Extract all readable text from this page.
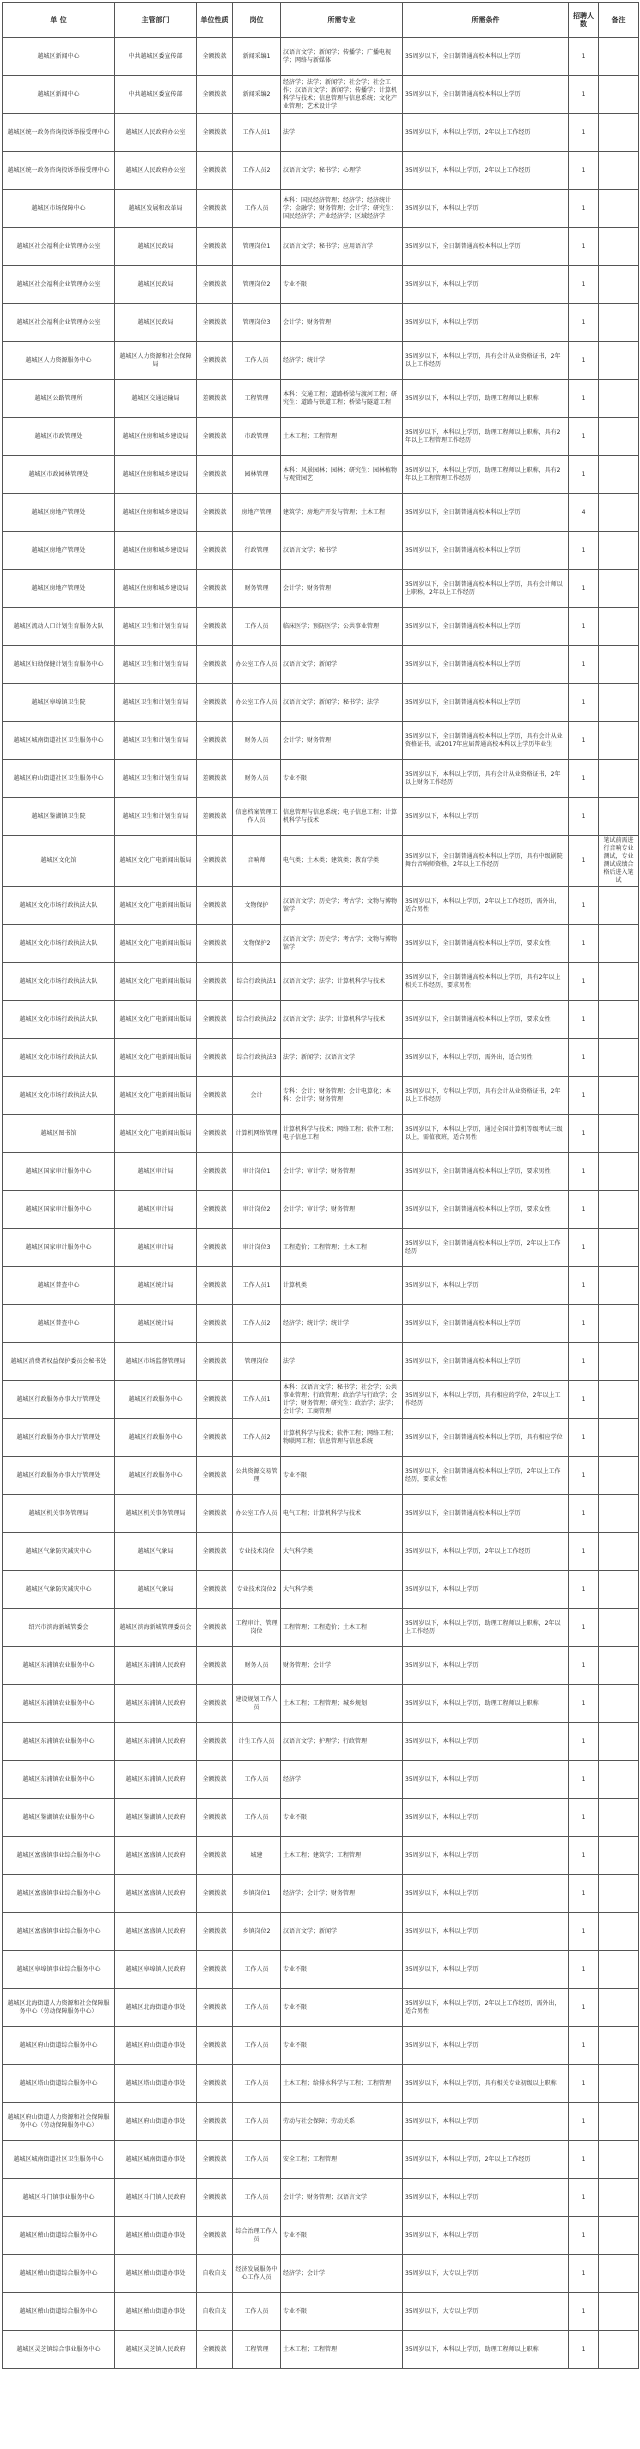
单 位	主管部门	单位性质	岗位	所需专业	所需条件	招聘人数	备注
越城区新闻中心	中共越城区委宣传部	全额拨款	新闻采编1	汉语言文学；新闻学；传播学；广播电视学；网络与新媒体	35周岁以下，全日制普通高校本科以上学历	1	
越城区新闻中心	中共越城区委宣传部	全额拨款	新闻采编2	经济学；法学；新闻学；社会学；社会工作；汉语言文学；新闻学；传播学；计算机科学与技术；信息管理与信息系统；文化产业管理；艺术设计学	35周岁以下，全日制普通高校本科以上学历	1	
越城区统一政务咨询投诉举报受理中心	越城区人民政府办公室	全额拨款	工作人员1	法学	35周岁以下，本科以上学历，2年以上工作经历	1	
越城区统一政务咨询投诉举报受理中心	越城区人民政府办公室	全额拨款	工作人员2	汉语言文学；秘书学；心理学	35周岁以下，本科以上学历，2年以上工作经历	1	
越城区市场保障中心	越城区发展和改革局	全额拨款	工作人员	本科：国民经济管理；经济学；经济统计学；金融学；财务管理；会计学；研究生：国民经济学；产业经济学；区域经济学	35周岁以下，本科以上学历	1	
越城区社会福利企业管理办公室	越城区民政局	全额拨款	管理岗位1	汉语言文学；秘书学；应用语言学	35周岁以下，全日制普通高校本科以上学历	1	
越城区社会福利企业管理办公室	越城区民政局	全额拨款	管理岗位2	专业不限	35周岁以下，本科以上学历	1	
越城区社会福利企业管理办公室	越城区民政局	全额拨款	管理岗位3	会计学；财务管理	35周岁以下，本科以上学历	1	
越城区人力资源服务中心	越城区人力资源和社会保障局	全额拨款	工作人员	经济学；统计学	35周岁以下，本科以上学历，具有会计从业资格证书，2年以上工作经历	1	
越城区公路管理所	越城区交通运输局	差额拨款	工程管理	本科：交通工程；道路桥梁与渡河工程；研究生：道路与铁道工程；桥梁与隧道工程	35周岁以下，本科以上学历，助理工程师以上职称	1	
越城区市政管理处	越城区住房和城乡建设局	全额拨款	市政管理	土木工程；工程管理	35周岁以下，本科以上学历，助理工程师以上职称，具有2年以上工程管理工作经历	1	
越城区市政园林管理处	越城区住房和城乡建设局	全额拨款	园林管理	本科：风景园林；园林；研究生：园林植物与观赏园艺	35周岁以下，本科以上学历，助理工程师以上职称，具有2年以上工程管理工作经历	1	
越城区房地产管理处	越城区住房和城乡建设局	全额拨款	房地产管理	建筑学；房地产开发与管理；土木工程	35周岁以下，全日制普通高校本科以上学历	4	
越城区房地产管理处	越城区住房和城乡建设局	全额拨款	行政管理	汉语言文学；秘书学	35周岁以下，全日制普通高校本科以上学历	1	
越城区房地产管理处	越城区住房和城乡建设局	全额拨款	财务管理	会计学；财务管理	35周岁以下，全日制普通高校本科以上学历，具有会计师以上职称，2年以上工作经历	1	
越城区流动人口计划生育服务大队	越城区卫生和计划生育局	全额拨款	工作人员	临床医学；预防医学；公共事业管理	35周岁以下，全日制普通高校本科以上学历	1	
越城区妇幼保健计划生育服务中心	越城区卫生和计划生育局	全额拨款	办公室工作人员	汉语言文学；新闻学	35周岁以下，全日制普通高校本科以上学历	1	
越城区皋埠镇卫生院	越城区卫生和计划生育局	全额拨款	办公室工作人员	汉语言文学；新闻学；秘书学；法学	35周岁以下，全日制普通高校本科以上学历	1	
越城区城南街道社区卫生服务中心	越城区卫生和计划生育局	全额拨款	财务人员	会计学；财务管理	35周岁以下，全日制普通高校本科以上学历，具有会计从业资格证书，或2017年应届普通高校本科以上学历毕业生	1	
越城区府山街道社区卫生服务中心	越城区卫生和计划生育局	差额拨款	财务人员	专业不限	35周岁以下，本科以上学历，具有会计从业资格证书，2年以上财务工作经历	1	
越城区鉴湖镇卫生院	越城区卫生和计划生育局	差额拨款	信息档案管理工作人员	信息管理与信息系统；电子信息工程；计算机科学与技术	35周岁以下，本科以上学历	1	
越城区文化馆	越城区文化广电新闻出版局	全额拨款	音响师	电气类；土木类；建筑类；教育学类	35周岁以下，全日制普通高校本科以上学历，具有中级剧院舞台音响师资格，2年以上工作经历	1	笔试前需进行音响专业测试，专业测试成绩合格后进入笔试
越城区文化市场行政执法大队	越城区文化广电新闻出版局	全额拨款	文物保护	汉语言文学；历史学；考古学；文物与博物馆学	35周岁以下，本科以上学历，2年以上工作经历，需外出，适合男性	1	
越城区文化市场行政执法大队	越城区文化广电新闻出版局	全额拨款	文物保护2	汉语言文学；历史学；考古学；文物与博物馆学	35周岁以下，全日制普通高校本科以上学历，要求女性	1	
越城区文化市场行政执法大队	越城区文化广电新闻出版局	全额拨款	综合行政执法1	汉语言文学；法学；计算机科学与技术	35周岁以下，全日制普通高校本科以上学历，具有2年以上相关工作经历，要求男性	1	
越城区文化市场行政执法大队	越城区文化广电新闻出版局	全额拨款	综合行政执法2	汉语言文学；法学；计算机科学与技术	35周岁以下，全日制普通高校本科以上学历，要求女性	1	
越城区文化市场行政执法大队	越城区文化广电新闻出版局	全额拨款	综合行政执法3	法学；新闻学；汉语言文学	35周岁以下，本科以上学历，需外出，适合男性	1	
越城区文化市场行政执法大队	越城区文化广电新闻出版局	全额拨款	会计	专科：会计；财务管理；会计电算化；本科：会计学；财务管理	35周岁以下，专科以上学历，具有会计从业资格证书，2年以上工作经历	1	
越城区图书馆	越城区文化广电新闻出版局	全额拨款	计算机网络管理	计算机科学与技术；网络工程；软件工程；电子信息工程	35周岁以下，本科以上学历，通过全国计算机等级考试三级以上，需值夜班，适合男性	1	
越城区国家审计服务中心	越城区审计局	全额拨款	审计岗位1	会计学；审计学；财务管理	35周岁以下，全日制普通高校本科以上学历，要求男性	1	
越城区国家审计服务中心	越城区审计局	全额拨款	审计岗位2	会计学；审计学；财务管理	35周岁以下，全日制普通高校本科以上学历，要求女性	1	
越城区国家审计服务中心	越城区审计局	全额拨款	审计岗位3	工程造价；工程管理；土木工程	35周岁以下，全日制普通高校本科以上学历，2年以上工作经历	1	
越城区普查中心	越城区统计局	全额拨款	工作人员1	计算机类	35周岁以下，本科以上学历	1	
越城区普查中心	越城区统计局	全额拨款	工作人员2	经济学；统计学；统计学	35周岁以下，全日制普通高校本科以上学历	1	
越城区消费者权益保护委员会秘书处	越城区市场监督管理局	全额拨款	管理岗位	法学	35周岁以下，全日制普通高校本科以上学历	1	
越城区行政服务办事大厅管理处	越城区行政服务中心	全额拨款	工作人员1	本科：汉语言文学；秘书学；社会学；公共事业管理；行政管理；政治学与行政学；会计学；财务管理；研究生：政治学；法学；会计学；工商管理	35周岁以下，本科以上学历，具有相应的学位，2年以上工作经历	1	
越城区行政服务办事大厅管理处	越城区行政服务中心	全额拨款	工作人员2	计算机科学与技术；软件工程；网络工程；物联网工程；信息管理与信息系统	35周岁以下，全日制普通高校本科以上学历，具有相应学位	1	
越城区行政服务办事大厅管理处	越城区行政服务中心	全额拨款	公共资源交易管理	专业不限	35周岁以下，全日制普通高校本科以上学历，2年以上工作经历，要求女性	1	
越城区机关事务管理局	越城区机关事务管理局	全额拨款	办公室工作人员	电气工程；计算机科学与技术	35周岁以下，全日制普通高校本科以上学历	1	
越城区气象防灾减灾中心	越城区气象局	全额拨款	专业技术岗位	大气科学类	35周岁以下，本科以上学历，2年以上工作经历	1	
越城区气象防灾减灾中心	越城区气象局	全额拨款	专业技术岗位2	大气科学类	35周岁以下，本科以上学历	1	
绍兴市滨海新城管委会	越城区滨海新城管理委员会	全额拨款	工程审计、管理岗位	工程管理；工程造价；土木工程	35周岁以下，本科以上学历，助理工程师以上职称，2年以上工作经历	1	
越城区东浦镇农业服务中心	越城区东浦镇人民政府	全额拨款	财务人员	财务管理；会计学	35周岁以下，本科以上学历	1	
越城区东浦镇农业服务中心	越城区东浦镇人民政府	全额拨款	建设规划工作人员	土木工程；工程管理；城乡规划	35周岁以下，本科以上学历，助理工程师以上职称	1	
越城区东浦镇农业服务中心	越城区东浦镇人民政府	全额拨款	计生工作人员	汉语言文学；护理学；行政管理	35周岁以下，本科以上学历	1	
越城区东浦镇农业服务中心	越城区东浦镇人民政府	全额拨款	工作人员	经济学	35周岁以下，本科以上学历	1	
越城区鉴湖镇农业服务中心	越城区鉴湖镇人民政府	全额拨款	工作人员	专业不限	35周岁以下，本科以上学历	1	
越城区富盛镇事业综合服务中心	越城区富盛镇人民政府	全额拨款	城建	土木工程；建筑学；工程管理	35周岁以下，本科以上学历	1	
越城区富盛镇事业综合服务中心	越城区富盛镇人民政府	全额拨款	乡镇岗位1	经济学；会计学；财务管理	35周岁以下，本科以上学历	1	
越城区富盛镇事业综合服务中心	越城区富盛镇人民政府	全额拨款	乡镇岗位2	汉语言文学；新闻学	35周岁以下，本科以上学历	1	
越城区皋埠镇事业综合服务中心	越城区皋埠镇人民政府	全额拨款	工作人员	专业不限	35周岁以下，本科以上学历	1	
越城区北海街道人力资源和社会保障服务中心（劳动保障服务中心）	越城区北海街道办事处	全额拨款	工作人员	专业不限	35周岁以下，本科以上学历，2年以上工作经历，需外出，适合男性	1	
越城区府山街道综合服务中心	越城区府山街道办事处	全额拨款	工作人员	专业不限	35周岁以下，本科以上学历	1	
越城区塔山街道综合服务中心	越城区塔山街道办事处	全额拨款	工作人员	土木工程；给排水科学与工程；工程管理	35周岁以下，本科以上学历，具有相关专业初级以上职称	1	
越城区府山街道人力资源和社会保障服务中心（劳动保障服务中心）	越城区府山街道办事处	全额拨款	工作人员	劳动与社会保障；劳动关系	35周岁以下，本科以上学历	1	
越城区城南街道社区卫生服务中心	越城区城南街道办事处	全额拨款	工作人员	安全工程；工程管理	35周岁以下，本科以上学历，2年以上工作经历	1	
越城区斗门镇事业服务中心	越城区斗门镇人民政府	全额拨款	工作人员	会计学；财务管理；汉语言文学	35周岁以下，本科以上学历	1	
越城区稽山街道综合服务中心	越城区稽山街道办事处	全额拨款	综合治理工作人员	专业不限	35周岁以下，本科以上学历	1	
越城区稽山街道综合服务中心	越城区稽山街道办事处	自收自支	经济发展服务中心工作人员	经济学；会计学	35周岁以下，大专以上学历	1	
越城区稽山街道综合服务中心	越城区稽山街道办事处	自收自支	工作人员	专业不限	35周岁以下，大专以上学历	1	
越城区灵芝镇综合事业服务中心	越城区灵芝镇人民政府	全额拨款	工程管理	土木工程；工程管理	35周岁以下，本科以上学历，助理工程师以上职称	1	
